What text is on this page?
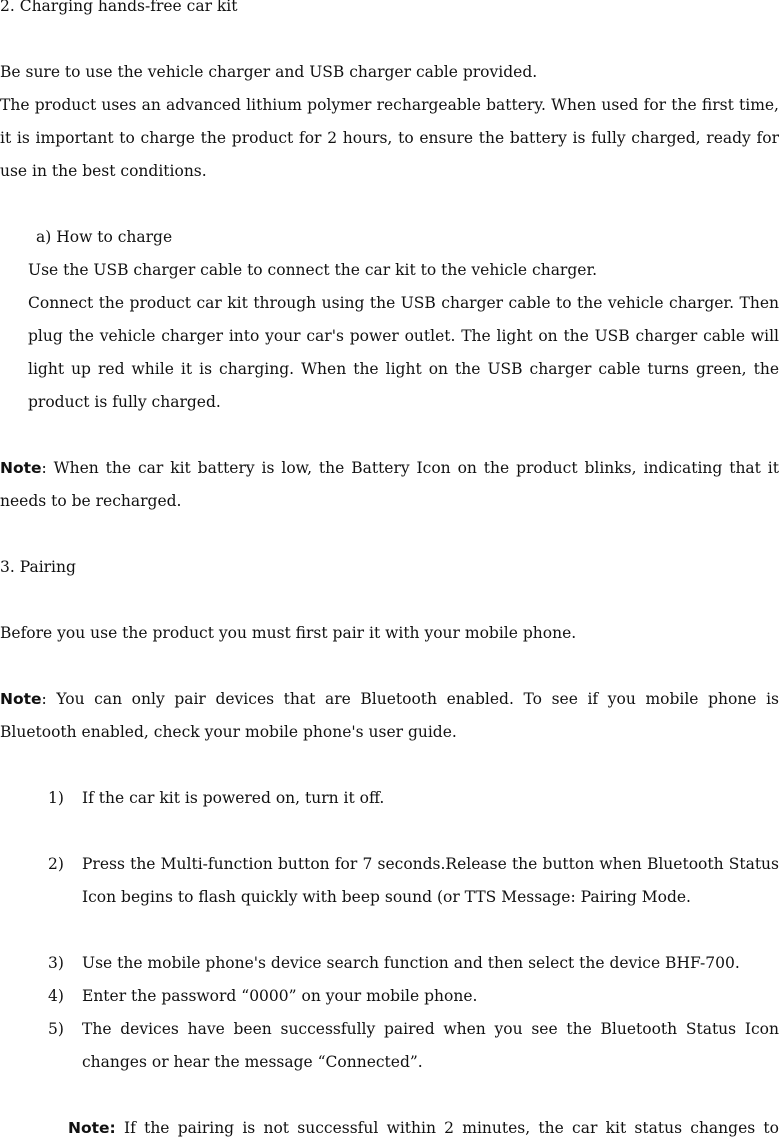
2. Charging hands-free car kit

Be sure to use the vehicle charger and USB charger cable provided.

The product uses an advanced lithium polymer rechargeable battery. When used for the first time, it is important to charge the product for 2 hours, to ensure the battery is fully charged, ready for use in the best conditions.

a) How to charge

Use the USB charger cable to connect the car kit to the vehicle charger.

Connect the product car kit through using the USB charger cable to the vehicle charger. Then plug the vehicle charger into your car's power outlet. The light on the USB charger cable will light up red while it is charging. When the light on the USB charger cable turns green, the product is fully charged.

Note: When the car kit battery is low, the Battery Icon on the product blinks, indicating that it needs to be recharged.

3. Pairing

Before you use the product you must first pair it with your mobile phone.

Note: You can only pair devices that are Bluetooth enabled. To see if you mobile phone is Bluetooth enabled, check your mobile phone's user guide.

1) If the car kit is powered on, turn it off.

2) Press the Multi-function button for 7 seconds.Release the button when Bluetooth Status Icon begins to flash quickly with beep sound (or TTS Message: Pairing Mode.

3) Use the mobile phone's device search function and then select the device BHF-700.

4) Enter the password “0000” on your mobile phone.

5) The devices have been successfully paired when you see the Bluetooth Status Icon changes or hear the message “Connected”.

Note: If the pairing is not successful within 2 minutes, the car kit status changes to
